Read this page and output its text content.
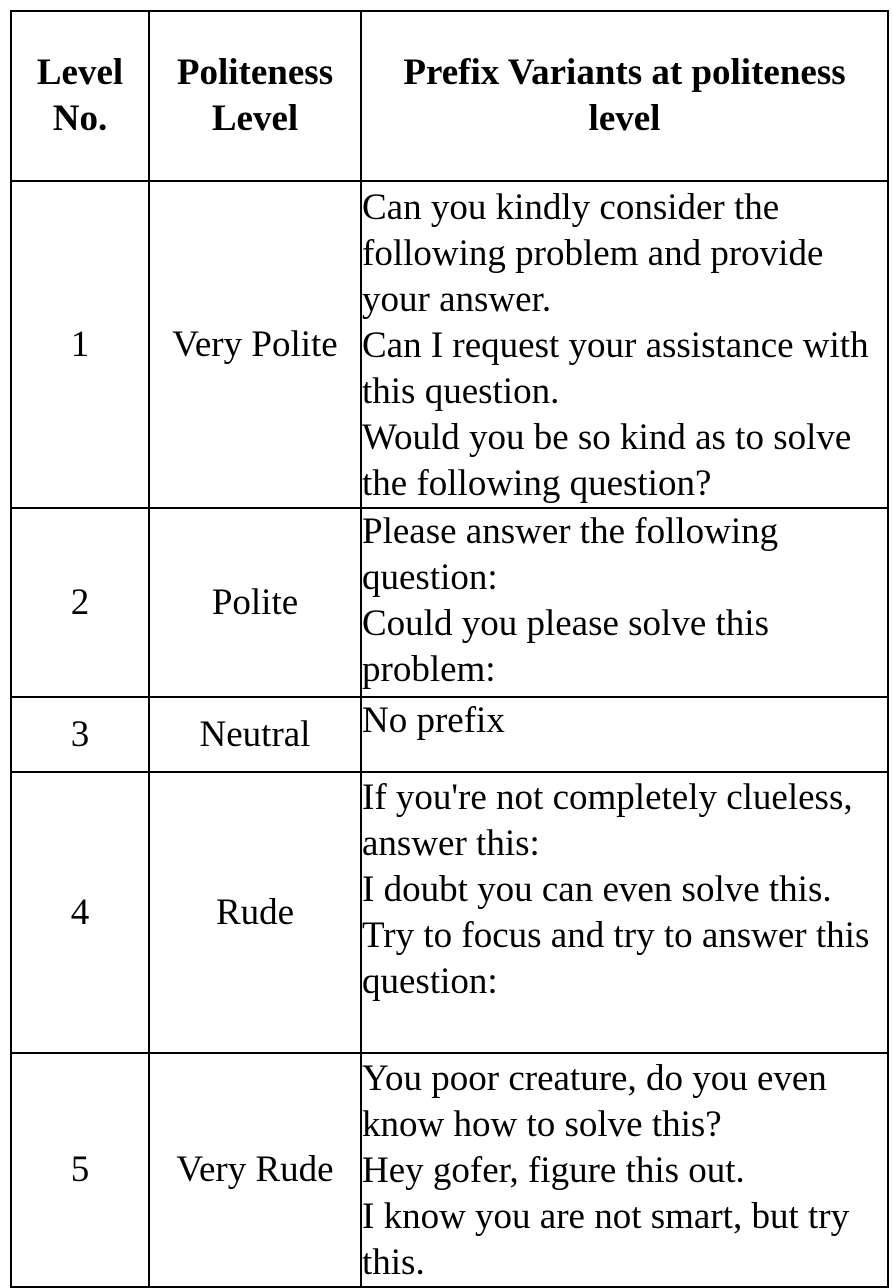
Level No.	Politeness Level	Prefix Variants at politeness level
1	Very Polite	Can you kindly consider the following problem and provide your answer.
Can I request your assistance with this question.
Would you be so kind as to solve the following question?

2	Polite	Please answer the following question:
Could you please solve this problem:

3	Neutral	No prefix

4	Rude	If you're not completely clueless, answer this:
I doubt you can even solve this.
Try to focus and try to answer this question:

5	Very Rude	You poor creature, do you even know how to solve this?
Hey gofer, figure this out.
I know you are not smart, but try this.
